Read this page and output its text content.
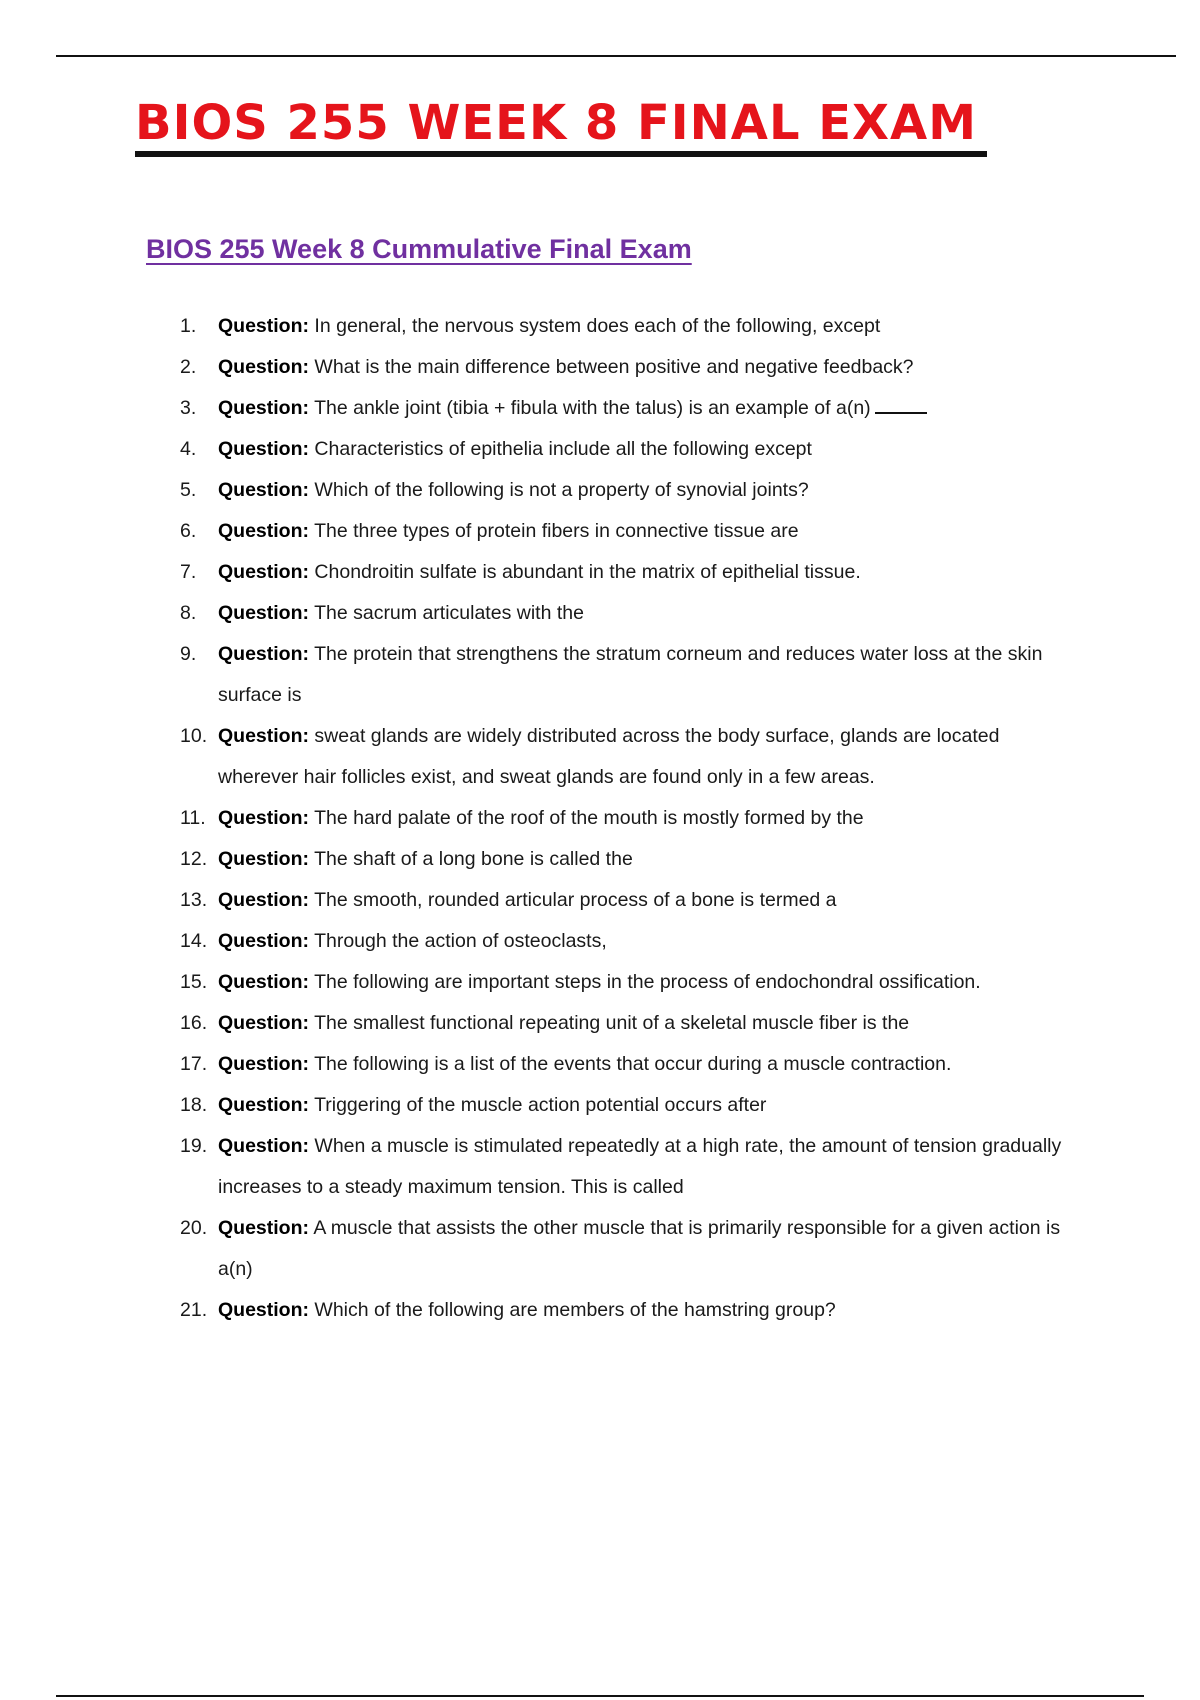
BIOS 255 WEEK 8 FINAL EXAM
BIOS 255 Week 8 Cummulative Final Exam
1. Question: In general, the nervous system does each of the following, except
2. Question: What is the main difference between positive and negative feedback?
3. Question: The ankle joint (tibia + fibula with the talus) is an example of a(n)
4. Question: Characteristics of epithelia include all the following except
5. Question: Which of the following is not a property of synovial joints?
6. Question: The three types of protein fibers in connective tissue are
7. Question: Chondroitin sulfate is abundant in the matrix of epithelial tissue.
8. Question: The sacrum articulates with the
9. Question: The protein that strengthens the stratum corneum and reduces water loss at the skin surface is
10. Question: sweat glands are widely distributed across the body surface, glands are located wherever hair follicles exist, and sweat glands are found only in a few areas.
11. Question: The hard palate of the roof of the mouth is mostly formed by the
12. Question: The shaft of a long bone is called the
13. Question: The smooth, rounded articular process of a bone is termed a
14. Question: Through the action of osteoclasts,
15. Question: The following are important steps in the process of endochondral ossification.
16. Question: The smallest functional repeating unit of a skeletal muscle fiber is the
17. Question: The following is a list of the events that occur during a muscle contraction.
18. Question: Triggering of the muscle action potential occurs after
19. Question: When a muscle is stimulated repeatedly at a high rate, the amount of tension gradually increases to a steady maximum tension. This is called
20. Question: A muscle that assists the other muscle that is primarily responsible for a given action is a(n)
21. Question: Which of the following are members of the hamstring group?
